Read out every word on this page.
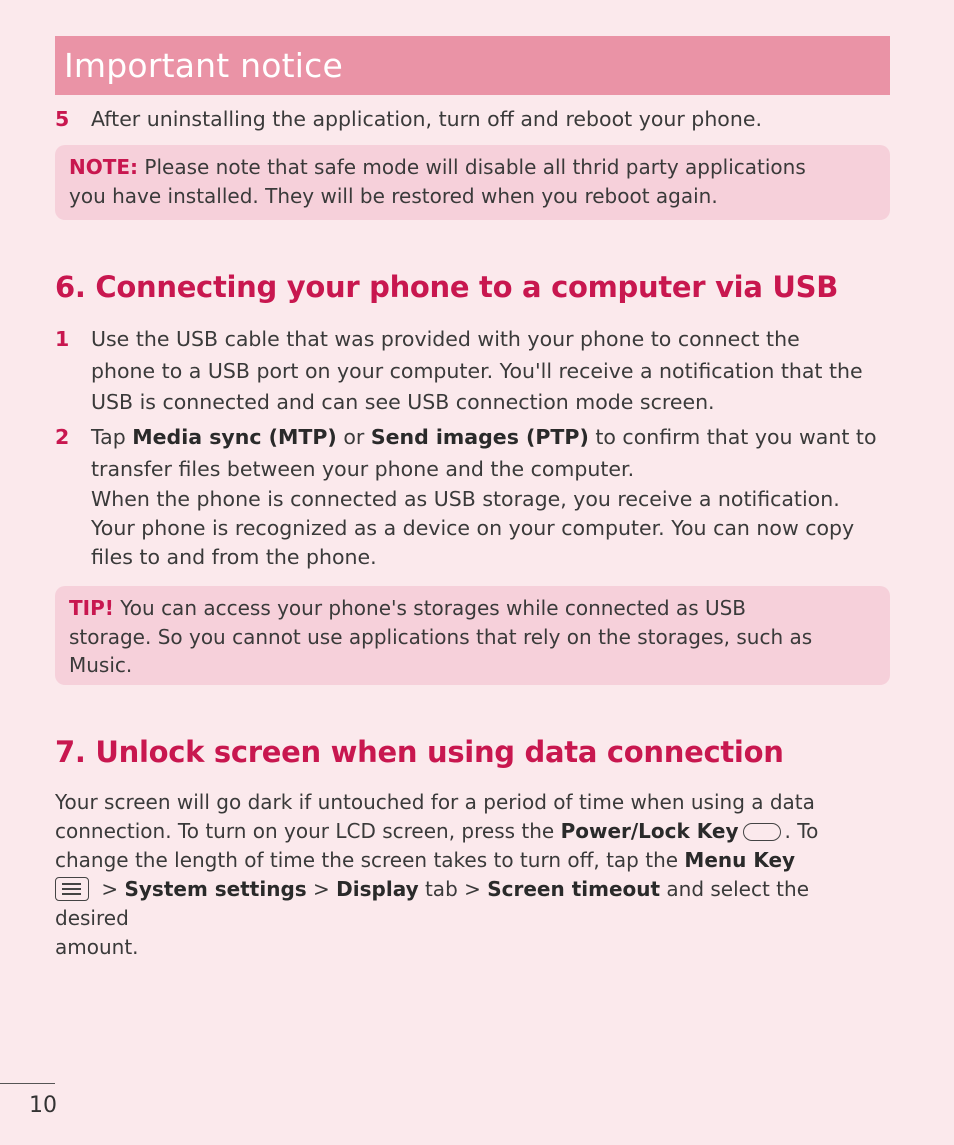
Important notice
5	After uninstalling the application, turn off and reboot your phone.
NOTE: Please note that safe mode will disable all thrid party applications
you have installed. They will be restored when you reboot again.
6. Connecting your phone to a computer via USB
1	Use the USB cable that was provided with your phone to connect the
phone to a USB port on your computer. You'll receive a notification that the
USB is connected and can see USB connection mode screen.
2	Tap Media sync (MTP) or Send images (PTP) to confirm that you want to
transfer files between your phone and the computer.
When the phone is connected as USB storage, you receive a notification.
Your phone is recognized as a device on your computer. You can now copy
files to and from the phone.
TIP! You can access your phone's storages while connected as USB
storage. So you cannot use applications that rely on the storages, such as
Music.
7. Unlock screen when using data connection
Your screen will go dark if untouched for a period of time when using a data
connection. To turn on your LCD screen, press the Power/Lock Key . To
change the length of time the screen takes to turn off, tap the Menu Key
> System settings > Display tab > Screen timeout and select the desired
amount.
10
